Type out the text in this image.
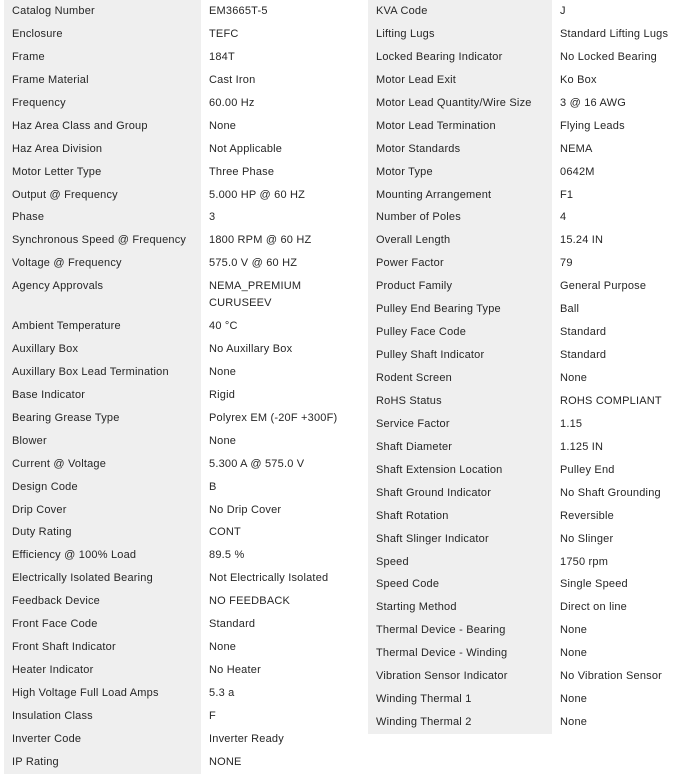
Catalog Number	EM3665T-5
Enclosure	TEFC
Frame	184T
Frame Material	Cast Iron
Frequency	60.00 Hz
Haz Area Class and Group	None
Haz Area Division	Not Applicable
Motor Letter Type	Three Phase
Output @ Frequency	5.000 HP @ 60 HZ
Phase	3
Synchronous Speed @ Frequency	1800 RPM @ 60 HZ
Voltage @ Frequency	575.0 V @ 60 HZ
Agency Approvals	NEMA_PREMIUM
CURUSEEV
Ambient Temperature	40 °C
Auxillary Box	No Auxillary Box
Auxillary Box Lead Termination	None
Base Indicator	Rigid
Bearing Grease Type	Polyrex EM (-20F +300F)
Blower	None
Current @ Voltage	5.300 A @ 575.0 V
Design Code	B
Drip Cover	No Drip Cover
Duty Rating	CONT
Efficiency @ 100% Load	89.5 %
Electrically Isolated Bearing	Not Electrically Isolated
Feedback Device	NO FEEDBACK
Front Face Code	Standard
Front Shaft Indicator	None
Heater Indicator	No Heater
High Voltage Full Load Amps	5.3 a
Insulation Class	F
Inverter Code	Inverter Ready
IP Rating	NONE
KVA Code	J
Lifting Lugs	Standard Lifting Lugs
Locked Bearing Indicator	No Locked Bearing
Motor Lead Exit	Ko Box
Motor Lead Quantity/Wire Size	3 @ 16 AWG
Motor Lead Termination	Flying Leads
Motor Standards	NEMA
Motor Type	0642M
Mounting Arrangement	F1
Number of Poles	4
Overall Length	15.24 IN
Power Factor	79
Product Family	General Purpose
Pulley End Bearing Type	Ball
Pulley Face Code	Standard
Pulley Shaft Indicator	Standard
Rodent Screen	None
RoHS Status	ROHS COMPLIANT
Service Factor	1.15
Shaft Diameter	1.125 IN
Shaft Extension Location	Pulley End
Shaft Ground Indicator	No Shaft Grounding
Shaft Rotation	Reversible
Shaft Slinger Indicator	No Slinger
Speed	1750 rpm
Speed Code	Single Speed
Starting Method	Direct on line
Thermal Device - Bearing	None
Thermal Device - Winding	None
Vibration Sensor Indicator	No Vibration Sensor
Winding Thermal 1	None
Winding Thermal 2	None
